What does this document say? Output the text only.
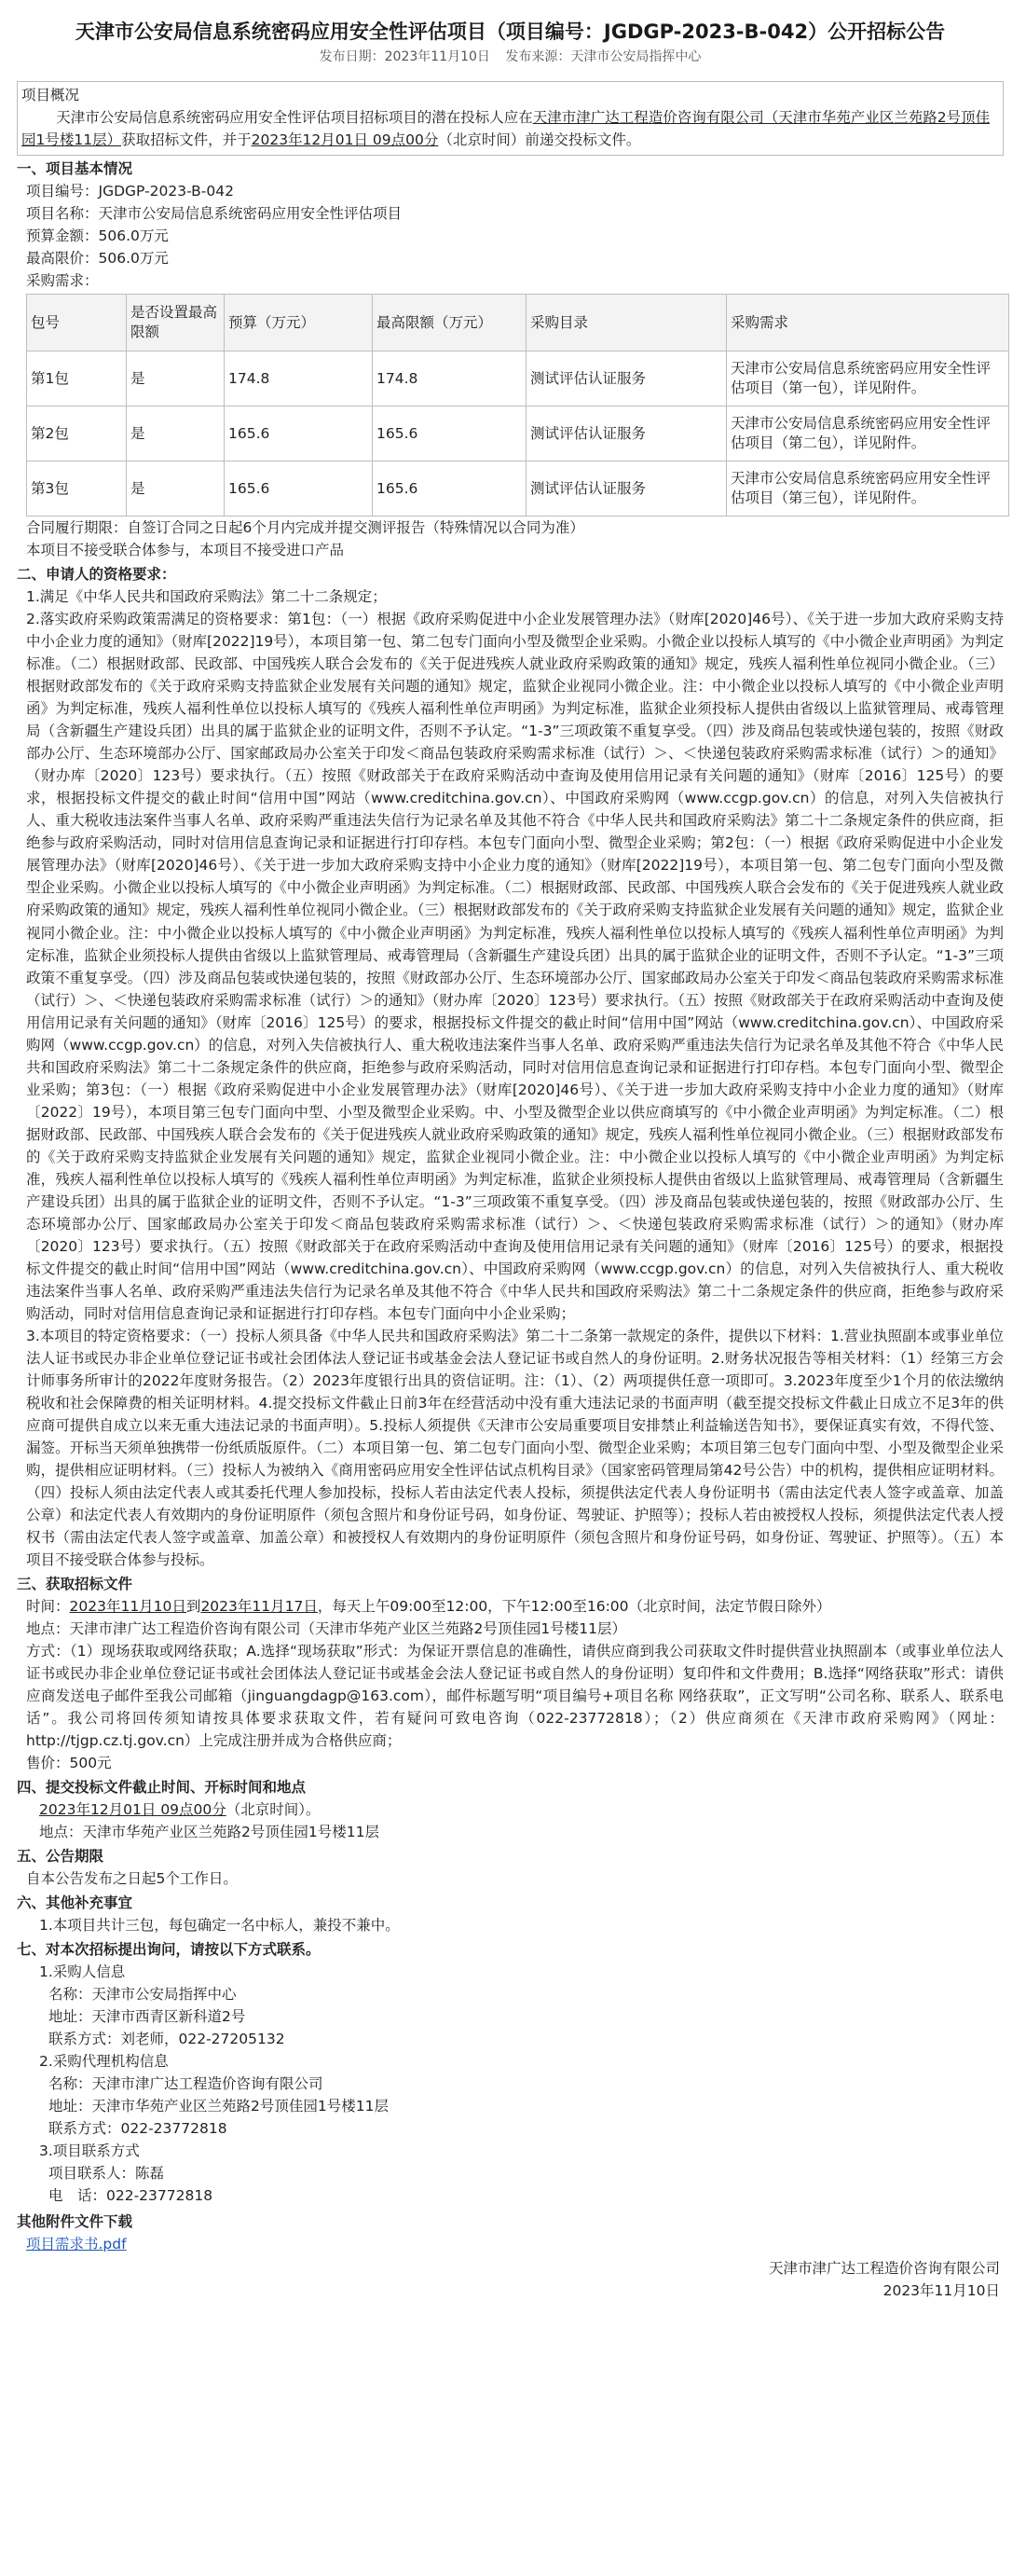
天津市公安局信息系统密码应用安全性评估项目（项目编号：JGDGP-2023-B-042）公开招标公告
发布日期：2023年11月10日 发布来源：天津市公安局指挥中心
项目概况
天津市公安局信息系统密码应用安全性评估项目招标项目的潜在投标人应在天津市津广达工程造价咨询有限公司（天津市华苑产业区兰苑路2号顶佳园1号楼11层）获取招标文件，并于2023年12月01日 09点00分（北京时间）前递交投标文件。
一、项目基本情况

项目编号：JGDGP-2023-B-042

项目名称：天津市公安局信息系统密码应用安全性评估项目

预算金额：506.0万元

最高限价：506.0万元

采购需求：

包号	是否设置最高限额	预算（万元）	最高限额（万元）	采购目录	采购需求
第1包	是	174.8	174.8	测试评估认证服务	天津市公安局信息系统密码应用安全性评估项目（第一包），详见附件。
第2包	是	165.6	165.6	测试评估认证服务	天津市公安局信息系统密码应用安全性评估项目（第二包），详见附件。
第3包	是	165.6	165.6	测试评估认证服务	天津市公安局信息系统密码应用安全性评估项目（第三包），详见附件。

合同履行期限：自签订合同之日起6个月内完成并提交测评报告（特殊情况以合同为准）

本项目不接受联合体参与，本项目不接受进口产品

二、申请人的资格要求：

1.满足《中华人民共和国政府采购法》第二十二条规定；

2.落实政府采购政策需满足的资格要求：第1包：（一）根据《政府采购促进中小企业发展管理办法》（财库[2020]46号）、《关于进一步加大政府采购支持中小企业力度的通知》（财库[2022]19号），本项目第一包、第二包专门面向小型及微型企业采购。小微企业以投标人填写的《中小微企业声明函》为判定标准。（二）根据财政部、民政部、中国残疾人联合会发布的《关于促进残疾人就业政府采购政策的通知》规定，残疾人福利性单位视同小微企业。（三）根据财政部发布的《关于政府采购支持监狱企业发展有关问题的通知》规定，监狱企业视同小微企业。注：中小微企业以投标人填写的《中小微企业声明函》为判定标准，残疾人福利性单位以投标人填写的《残疾人福利性单位声明函》为判定标准，监狱企业须投标人提供由省级以上监狱管理局、戒毒管理局（含新疆生产建设兵团）出具的属于监狱企业的证明文件，否则不予认定。“1-3”三项政策不重复享受。（四）涉及商品包装或快递包装的，按照《财政部办公厅、生态环境部办公厅、国家邮政局办公室关于印发＜商品包装政府采购需求标准（试行）＞、＜快递包装政府采购需求标准（试行）＞的通知》（财办库〔2020〕123号）要求执行。（五）按照《财政部关于在政府采购活动中查询及使用信用记录有关问题的通知》（财库〔2016〕125号）的要求，根据投标文件提交的截止时间“信用中国”网站（www.creditchina.gov.cn）、中国政府采购网（www.ccgp.gov.cn）的信息，对列入失信被执行人、重大税收违法案件当事人名单、政府采购严重违法失信行为记录名单及其他不符合《中华人民共和国政府采购法》第二十二条规定条件的供应商，拒绝参与政府采购活动，同时对信用信息查询记录和证据进行打印存档。本包专门面向小型、微型企业采购；第2包：（一）根据《政府采购促进中小企业发展管理办法》（财库[2020]46号）、《关于进一步加大政府采购支持中小企业力度的通知》（财库[2022]19号），本项目第一包、第二包专门面向小型及微型企业采购。小微企业以投标人填写的《中小微企业声明函》为判定标准。（二）根据财政部、民政部、中国残疾人联合会发布的《关于促进残疾人就业政府采购政策的通知》规定，残疾人福利性单位视同小微企业。（三）根据财政部发布的《关于政府采购支持监狱企业发展有关问题的通知》规定，监狱企业视同小微企业。注：中小微企业以投标人填写的《中小微企业声明函》为判定标准，残疾人福利性单位以投标人填写的《残疾人福利性单位声明函》为判定标准，监狱企业须投标人提供由省级以上监狱管理局、戒毒管理局（含新疆生产建设兵团）出具的属于监狱企业的证明文件，否则不予认定。“1-3”三项政策不重复享受。（四）涉及商品包装或快递包装的，按照《财政部办公厅、生态环境部办公厅、国家邮政局办公室关于印发＜商品包装政府采购需求标准（试行）＞、＜快递包装政府采购需求标准（试行）＞的通知》（财办库〔2020〕123号）要求执行。（五）按照《财政部关于在政府采购活动中查询及使用信用记录有关问题的通知》（财库〔2016〕125号）的要求，根据投标文件提交的截止时间“信用中国”网站（www.creditchina.gov.cn）、中国政府采购网（www.ccgp.gov.cn）的信息，对列入失信被执行人、重大税收违法案件当事人名单、政府采购严重违法失信行为记录名单及其他不符合《中华人民共和国政府采购法》第二十二条规定条件的供应商，拒绝参与政府采购活动，同时对信用信息查询记录和证据进行打印存档。本包专门面向小型、微型企业采购；第3包：（一）根据《政府采购促进中小企业发展管理办法》（财库[2020]46号）、《关于进一步加大政府采购支持中小企业力度的通知》（财库〔2022〕19号），本项目第三包专门面向中型、小型及微型企业采购。中、小型及微型企业以供应商填写的《中小微企业声明函》为判定标准。（二）根据财政部、民政部、中国残疾人联合会发布的《关于促进残疾人就业政府采购政策的通知》规定，残疾人福利性单位视同小微企业。（三）根据财政部发布的《关于政府采购支持监狱企业发展有关问题的通知》规定，监狱企业视同小微企业。注：中小微企业以投标人填写的《中小微企业声明函》为判定标准，残疾人福利性单位以投标人填写的《残疾人福利性单位声明函》为判定标准，监狱企业须投标人提供由省级以上监狱管理局、戒毒管理局（含新疆生产建设兵团）出具的属于监狱企业的证明文件，否则不予认定。“1-3”三项政策不重复享受。（四）涉及商品包装或快递包装的，按照《财政部办公厅、生态环境部办公厅、国家邮政局办公室关于印发＜商品包装政府采购需求标准（试行）＞、＜快递包装政府采购需求标准（试行）＞的通知》（财办库〔2020〕123号）要求执行。（五）按照《财政部关于在政府采购活动中查询及使用信用记录有关问题的通知》（财库〔2016〕125号）的要求，根据投标文件提交的截止时间“信用中国”网站（www.creditchina.gov.cn）、中国政府采购网（www.ccgp.gov.cn）的信息，对列入失信被执行人、重大税收违法案件当事人名单、政府采购严重违法失信行为记录名单及其他不符合《中华人民共和国政府采购法》第二十二条规定条件的供应商，拒绝参与政府采购活动，同时对信用信息查询记录和证据进行打印存档。本包专门面向中小企业采购；

3.本项目的特定资格要求：（一）投标人须具备《中华人民共和国政府采购法》第二十二条第一款规定的条件，提供以下材料：1.营业执照副本或事业单位法人证书或民办非企业单位登记证书或社会团体法人登记证书或基金会法人登记证书或自然人的身份证明。2.财务状况报告等相关材料：（1）经第三方会计师事务所审计的2022年度财务报告。（2）2023年度银行出具的资信证明。注：（1）、（2）两项提供任意一项即可。3.2023年度至少1个月的依法缴纳税收和社会保障费的相关证明材料。4.提交投标文件截止日前3年在经营活动中没有重大违法记录的书面声明（截至提交投标文件截止日成立不足3年的供应商可提供自成立以来无重大违法记录的书面声明）。5.投标人须提供《天津市公安局重要项目安排禁止利益输送告知书》，要保证真实有效，不得代签、漏签。开标当天须单独携带一份纸质版原件。（二）本项目第一包、第二包专门面向小型、微型企业采购；本项目第三包专门面向中型、小型及微型企业采购，提供相应证明材料。（三）投标人为被纳入《商用密码应用安全性评估试点机构目录》（国家密码管理局第42号公告）中的机构，提供相应证明材料。（四）投标人须由法定代表人或其委托代理人参加投标，投标人若由法定代表人投标，须提供法定代表人身份证明书（需由法定代表人签字或盖章、加盖公章）和法定代表人有效期内的身份证明原件（须包含照片和身份证号码，如身份证、驾驶证、护照等）；投标人若由被授权人投标，须提供法定代表人授权书（需由法定代表人签字或盖章、加盖公章）和被授权人有效期内的身份证明原件（须包含照片和身份证号码，如身份证、驾驶证、护照等）。（五）本项目不接受联合体参与投标。

三、获取招标文件

时间：2023年11月10日到2023年11月17日，每天上午09:00至12:00，下午12:00至16:00（北京时间，法定节假日除外）

地点：天津市津广达工程造价咨询有限公司（天津市华苑产业区兰苑路2号顶佳园1号楼11层）

方式：（1）现场获取或网络获取；A.选择“现场获取”形式：为保证开票信息的准确性，请供应商到我公司获取文件时提供营业执照副本（或事业单位法人证书或民办非企业单位登记证书或社会团体法人登记证书或基金会法人登记证书或自然人的身份证明）复印件和文件费用；B.选择“网络获取”形式：请供应商发送电子邮件至我公司邮箱（jinguangdagp@163.com），邮件标题写明“项目编号+项目名称 网络获取”，正文写明“公司名称、联系人、联系电话”。我公司将回传须知请按具体要求获取文件，若有疑问可致电咨询（022-23772818）；（2）供应商须在《天津市政府采购网》（网址：http://tjgp.cz.tj.gov.cn）上完成注册并成为合格供应商；

售价：500元

四、提交投标文件截止时间、开标时间和地点

2023年12月01日 09点00分（北京时间）。

地点：天津市华苑产业区兰苑路2号顶佳园1号楼11层

五、公告期限

自本公告发布之日起5个工作日。

六、其他补充事宜

1.本项目共计三包，每包确定一名中标人，兼投不兼中。

七、对本次招标提出询问，请按以下方式联系。

1.采购人信息

名称：天津市公安局指挥中心

地址：天津市西青区新科道2号

联系方式：刘老师，022-27205132

2.采购代理机构信息

名称：天津市津广达工程造价咨询有限公司

地址：天津市华苑产业区兰苑路2号顶佳园1号楼11层

联系方式：022-23772818

3.项目联系方式

项目联系人：陈磊

电　话：022-23772818

其他附件文件下载
项目需求书.pdf
天津市津广达工程造价咨询有限公司
2023年11月10日
